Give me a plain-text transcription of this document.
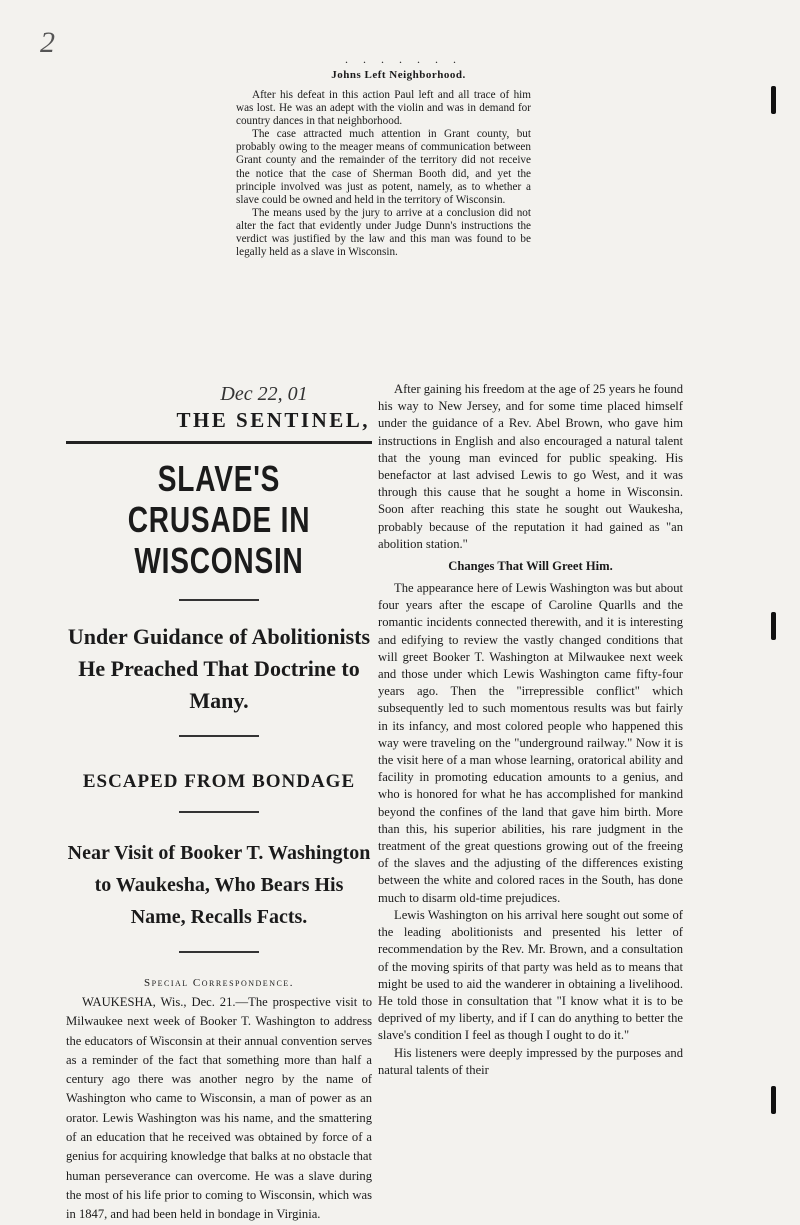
2	. . . . . . .
Johns Left Neighborhood.

After his defeat in this action Paul left and all trace of him was lost. He was an adept with the violin and was in demand for country dances in that neighborhood.

The case attracted much attention in Grant county, but probably owing to the meager means of communication between Grant county and the remainder of the territory did not receive the notice that the case of Sherman Booth did, and yet the principle involved was just as potent, namely, as to whether a slave could be owned and held in the territory of Wisconsin.

The means used by the jury to arrive at a conclusion did not alter the fact that evidently under Judge Dunn's instructions the verdict was justified by the law and this man was found to be legally held as a slave in Wisconsin.

Dec 22, 01
THE SENTINEL,
SLAVE'S CRUSADE IN WISCONSIN
Under Guidance of Abolitionists He Preached That Doctrine to Many.
ESCAPED FROM BONDAGE
Near Visit of Booker T. Washington to Waukesha, Who Bears His Name, Recalls Facts.
Special Correspondence.

WAUKESHA, Wis., Dec. 21.—The prospective visit to Milwaukee next week of Booker T. Washington to address the educators of Wisconsin at their annual convention serves as a reminder of the fact that something more than half a century ago there was another negro by the name of Washington who came to Wisconsin, a man of power as an orator. Lewis Washington was his name, and the smattering of an education that he received was obtained by force of a genius for acquiring knowledge that balks at no obstacle that human perseverance can overcome. He was a slave during the most of his life prior to coming to Wisconsin, which was in 1847, and had been held in bondage in Virginia.

After gaining his freedom at the age of 25 years he found his way to New Jersey, and for some time placed himself under the guidance of a Rev. Abel Brown, who gave him instructions in English and also encouraged a natural talent that the young man evinced for public speaking. His benefactor at last advised Lewis to go West, and it was through this cause that he sought a home in Wisconsin. Soon after reaching this state he sought out Waukesha, probably because of the reputation it had gained as "an abolition station."

Changes That Will Greet Him.

The appearance here of Lewis Washington was but about four years after the escape of Caroline Quarlls and the romantic incidents connected therewith, and it is interesting and edifying to review the vastly changed conditions that will greet Booker T. Washington at Milwaukee next week and those under which Lewis Washington came fifty-four years ago. Then the "irrepressible conflict" which subsequently led to such momentous results was but fairly in its infancy, and most colored people who happened this way were traveling on the "underground railway." Now it is the visit here of a man whose learning, oratorical ability and facility in promoting education amounts to a genius, and who is honored for what he has accomplished for mankind beyond the confines of the land that gave him birth. More than this, his superior abilities, his rare judgment in the treatment of the great questions growing out of the freeing of the slaves and the adjusting of the differences existing between the white and colored races in the South, has done much to disarm old-time prejudices.

Lewis Washington on his arrival here sought out some of the leading abolitionists and presented his letter of recommendation by the Rev. Mr. Brown, and a consultation of the moving spirits of that party was held as to means that might be used to aid the wanderer in obtaining a livelihood. He told those in consultation that "I know what it is to be deprived of my liberty, and if I can do anything to better the slave's condition I feel as though I ought to do it."

His listeners were deeply impressed by the purposes and natural talents of their
